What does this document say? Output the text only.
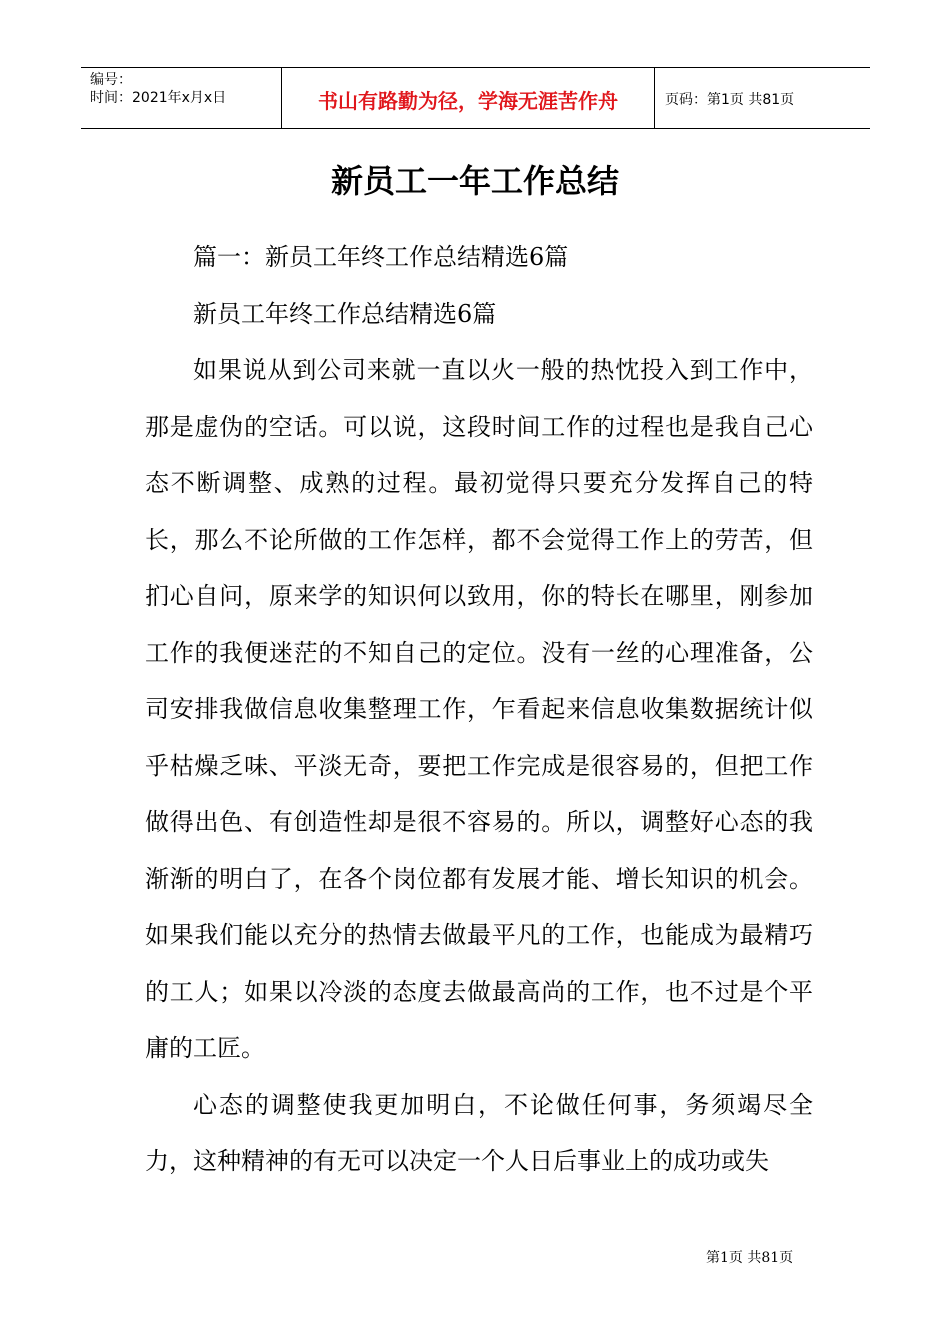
编号：
时间：2021年x月x日	书山有路勤为径，学海无涯苦作舟	页码：第1页 共81页
新员工一年工作总结

篇一：新员工年终工作总结精选6篇

新员工年终工作总结精选6篇

如果说从到公司来就一直以火一般的热忱投入到工作中，那是虚伪的空话。可以说，这段时间工作的过程也是我自己心态不断调整、成熟的过程。最初觉得只要充分发挥自己的特长，那么不论所做的工作怎样，都不会觉得工作上的劳苦，但扪心自问，原来学的知识何以致用，你的特长在哪里，刚参加工作的我便迷茫的不知自己的定位。没有一丝的心理准备，公司安排我做信息收集整理工作，乍看起来信息收集数据统计似乎枯燥乏味、平淡无奇，要把工作完成是很容易的，但把工作做得出色、有创造性却是很不容易的。所以，调整好心态的我渐渐的明白了，在各个岗位都有发展才能、增长知识的机会。如果我们能以充分的热情去做最平凡的工作，也能成为最精巧的工人；如果以冷淡的态度去做最高尚的工作，也不过是个平庸的工匠。

心态的调整使我更加明白，不论做任何事，务须竭尽全力，这种精神的有无可以决定一个人日后事业上的成功或失

第1页 共81页
